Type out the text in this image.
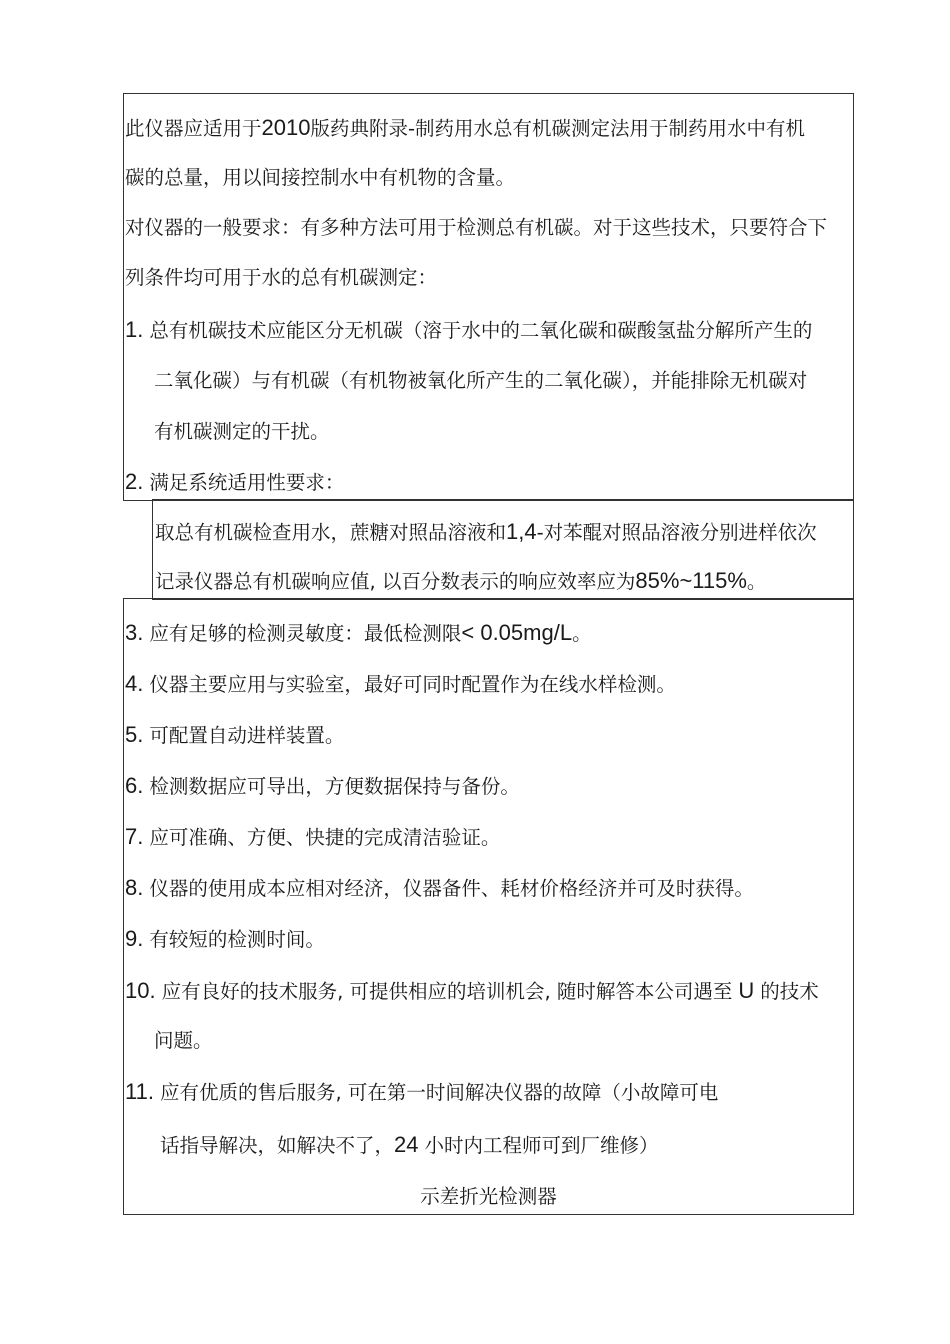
此仪器应适用于2010版药典附录-制药用水总有机碳测定法用于制药用水中有机
碳的总量，用以间接控制水中有机物的含量。
对仪器的一般要求：有多种方法可用于检测总有机碳。对于这些技术，只要符合下
列条件均可用于水的总有机碳测定：
1. 总有机碳技术应能区分无机碳（溶于水中的二氧化碳和碳酸氢盐分解所产生的
二氧化碳）与有机碳（有机物被氧化所产生的二氧化碳），并能排除无机碳对
有机碳测定的干扰。
2. 满足系统适用性要求：
取总有机碳检查用水，蔗糖对照品溶液和1,4-对苯醌对照品溶液分别进样依次
记录仪器总有机碳响应值, 以百分数表示的响应效率应为85%~115%。
3. 应有足够的检测灵敏度：最低检测限< 0.05mg/L。
4. 仪器主要应用与实验室，最好可同时配置作为在线水样检测。
5. 可配置自动进样装置。
6. 检测数据应可导出，方便数据保持与备份。
7. 应可准确、方便、快捷的完成清洁验证。
8. 仪器的使用成本应相对经济，仪器备件、耗材价格经济并可及时获得。
9. 有较短的检测时间。
10. 应有良好的技术服务, 可提供相应的培训机会, 随时解答本公司遇至 U 的技术
问题。
11. 应有优质的售后服务, 可在第一时间解决仪器的故障（小故障可电
话指导解决，如解决不了，24 小时内工程师可到厂维修）
示差折光检测器
